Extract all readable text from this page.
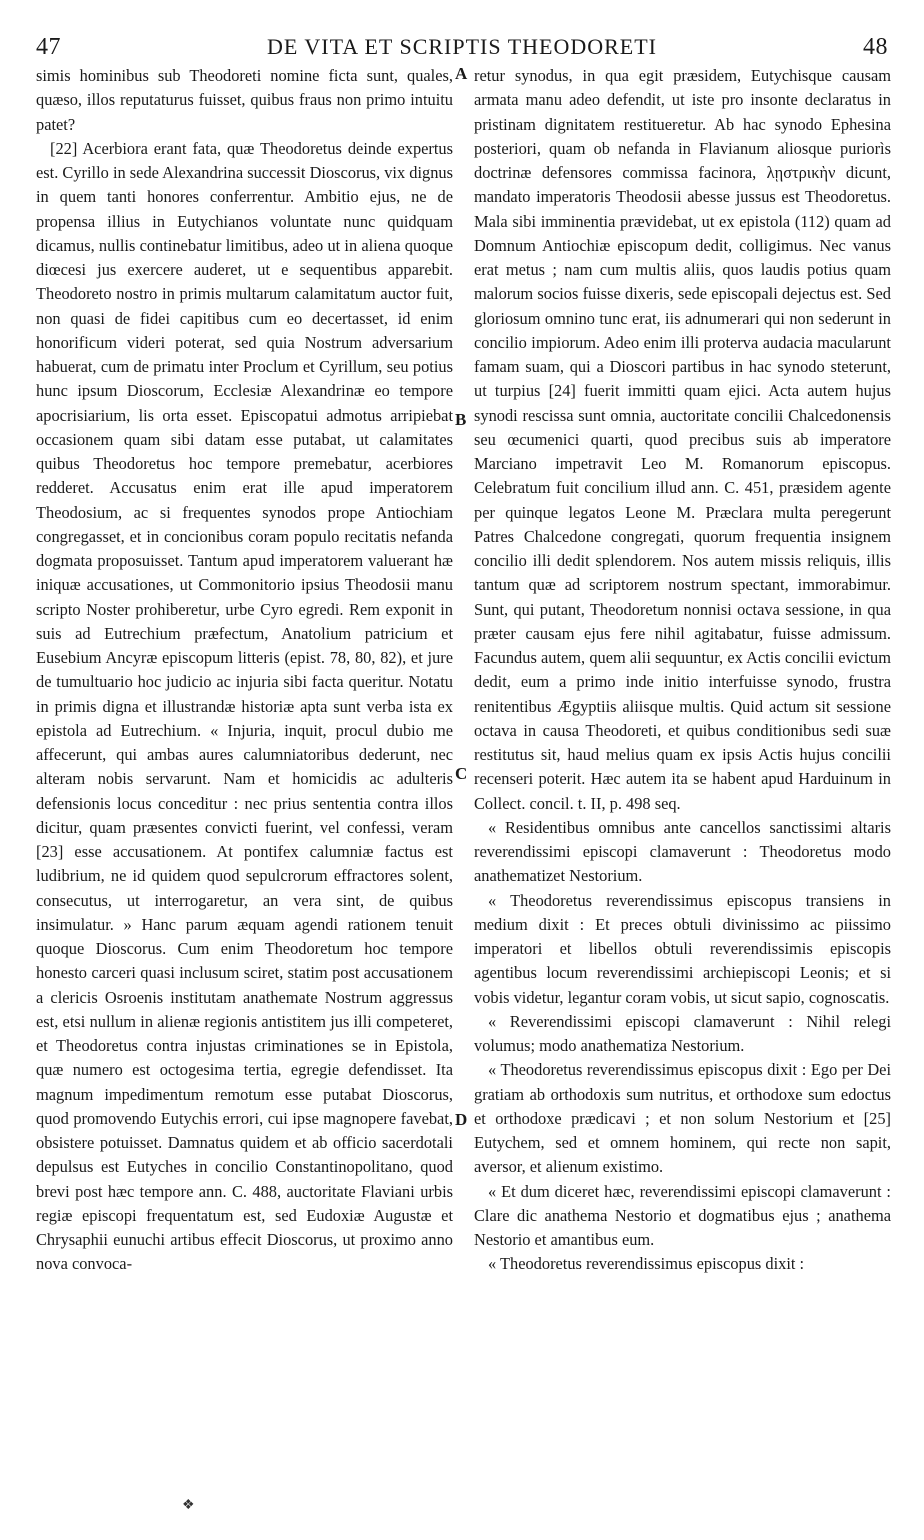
47	DE VITA ET SCRIPTIS THEODORETI	48

simis hominibus sub Theodoreti nomine ficta sunt, quales, quæso, illos reputaturus fuisset, quibus fraus non primo intuitu patet?

[22] Acerbiora erant fata, quæ Theodoretus deinde expertus est. Cyrillo in sede Alexandrina successit Dioscorus, vix dignus in quem tanti honores conferrentur. Ambitio ejus, ne de propensa illius in Eutychianos voluntate nunc quidquam dicamus, nullis continebatur limitibus, adeo ut in aliena quoque diœcesi jus exercere auderet, ut e sequentibus apparebit. Theodoreto nostro in primis multarum calamitatum auctor fuit, non quasi de fidei capitibus cum eo decertasset, id enim honorificum videri poterat, sed quia Nostrum adversarium habuerat, cum de primatu inter Proclum et Cyrillum, seu potius hunc ipsum Dioscorum, Ecclesiæ Alexandrinæ eo tempore apocrisiarium, lis orta esset. Episcopatui admotus arripiebat occasionem quam sibi datam esse putabat, ut calamitates quibus Theodoretus hoc tempore premebatur, acerbiores redderet. Accusatus enim erat ille apud imperatorem Theodosium, ac si frequentes synodos prope Antiochiam congregasset, et in concionibus coram populo recitatis nefanda dogmata proposuisset. Tantum apud imperatorem valuerant hæ iniquæ accusationes, ut Commonitorio ipsius Theodosii manu scripto Noster prohiberetur, urbe Cyro egredi. Rem exponit in suis ad Eutrechium præfectum, Anatolium patricium et Eusebium Ancyræ episcopum litteris (epist. 78, 80, 82), et jure de tumultuario hoc judicio ac injuria sibi facta queritur. Notatu in primis digna et illustrandæ historiæ apta sunt verba ista ex epistola ad Eutrechium. « Injuria, inquit, procul dubio me affecerunt, qui ambas aures calumniatoribus dederunt, nec alteram nobis servarunt. Nam et homicidis ac adulteris defensionis locus conceditur : nec prius sententia contra illos dicitur, quam præsentes convicti fuerint, vel confessi, veram [23] esse accusationem. At pontifex calumniæ factus est ludibrium, ne id quidem quod sepulcrorum effractores solent, consecutus, ut interrogaretur, an vera sint, de quibus insimulatur. » Hanc parum æquam agendi rationem tenuit quoque Dioscorus. Cum enim Theodoretum hoc tempore honesto carceri quasi inclusum sciret, statim post accusationem a clericis Osroenis institutam anathemate Nostrum aggressus est, etsi nullum in alienæ regionis antistitem jus illi competeret, et Theodoretus contra injustas criminationes se in Epistola, quæ numero est octogesima tertia, egregie defendisset. Ita magnum impedimentum remotum esse putabat Dioscorus, quod promovendo Eutychis errori, cui ipse magnopere favebat, obsistere potuisset. Damnatus quidem et ab officio sacerdotali depulsus est Eutyches in concilio Constantinopolitano, quod brevi post hæc tempore ann. C. 488, auctoritate Flaviani urbis regiæ episcopi frequentatum est, sed Eudoxiæ Augustæ et Chrysaphii eunuchi artibus effecit Dioscorus, ut proximo anno nova convoca-

A
B
C
D

retur synodus, in qua egit præsidem, Eutychisque causam armata manu adeo defendit, ut iste pro insonte declaratus in pristinam dignitatem restitueretur. Ab hac synodo Ephesina posteriori, quam ob nefanda in Flavianum aliosque puriorìs doctrinæ defensores commissa facinora, λῃστρικὴν dicunt, mandato imperatoris Theodosii abesse jussus est Theodoretus. Mala sibi imminentia prævidebat, ut ex epistola (112) quam ad Domnum Antiochiæ episcopum dedit, colligimus. Nec vanus erat metus ; nam cum multis aliis, quos laudis potius quam malorum socios fuisse dixeris, sede episcopali dejectus est. Sed gloriosum omnino tunc erat, iis adnumerari qui non sederunt in concilio impiorum. Adeo enim illi proterva audacia macularunt famam suam, qui a Dioscori partibus in hac synodo steterunt, ut turpius [24] fuerit immitti quam ejici. Acta autem hujus synodi rescissa sunt omnia, auctoritate concilii Chalcedonensis seu œcumenici quarti, quod precibus suis ab imperatore Marciano impetravit Leo M. Romanorum episcopus. Celebratum fuit concilium illud ann. C. 451, præsidem agente per quinque legatos Leone M. Præclara multa peregerunt Patres Chalcedone congregati, quorum frequentia insignem concilio illi dedit splendorem. Nos autem missis reliquis, illis tantum quæ ad scriptorem nostrum spectant, immorabimur. Sunt, qui putant, Theodoretum nonnisi octava sessione, in qua præter causam ejus fere nihil agitabatur, fuisse admissum. Facundus autem, quem alii sequuntur, ex Actis concilii evictum dedit, eum a primo inde initio interfuisse synodo, frustra renitentibus Ægyptiis aliisque multis. Quid actum sit sessione octava in causa Theodoreti, et quibus conditionibus sedi suæ restitutus sit, haud melius quam ex ipsis Actis hujus concilii recenseri poterit. Hæc autem ita se habent apud Harduinum in Collect. concil. t. II, p. 498 seq.

« Residentibus omnibus ante cancellos sanctissimi altaris reverendissimi episcopi clamaverunt : Theodoretus modo anathematizet Nestorium.

« Theodoretus reverendissimus episcopus transiens in medium dixit : Et preces obtuli divinissimo ac piissimo imperatori et libellos obtuli reverendissimis episcopis agentibus locum reverendissimi archiepiscopi Leonis; et si vobis videtur, legantur coram vobis, ut sicut sapio, cognoscatis.

« Reverendissimi episcopi clamaverunt : Nihil relegi volumus; modo anathematiza Nestorium.

« Theodoretus reverendissimus episcopus dixit : Ego per Dei gratiam ab orthodoxis sum nutritus, et orthodoxe sum edoctus et orthodoxe prædicavi ; et non solum Nestorium et [25] Eutychem, sed et omnem hominem, qui recte non sapit, aversor, et alienum existimo.

« Et dum diceret hæc, reverendissimi episcopi clamaverunt : Clare dic anathema Nestorio et dogmatibus ejus ; anathema Nestorio et amantibus eum.

« Theodoretus reverendissimus episcopus dixit :

❖
